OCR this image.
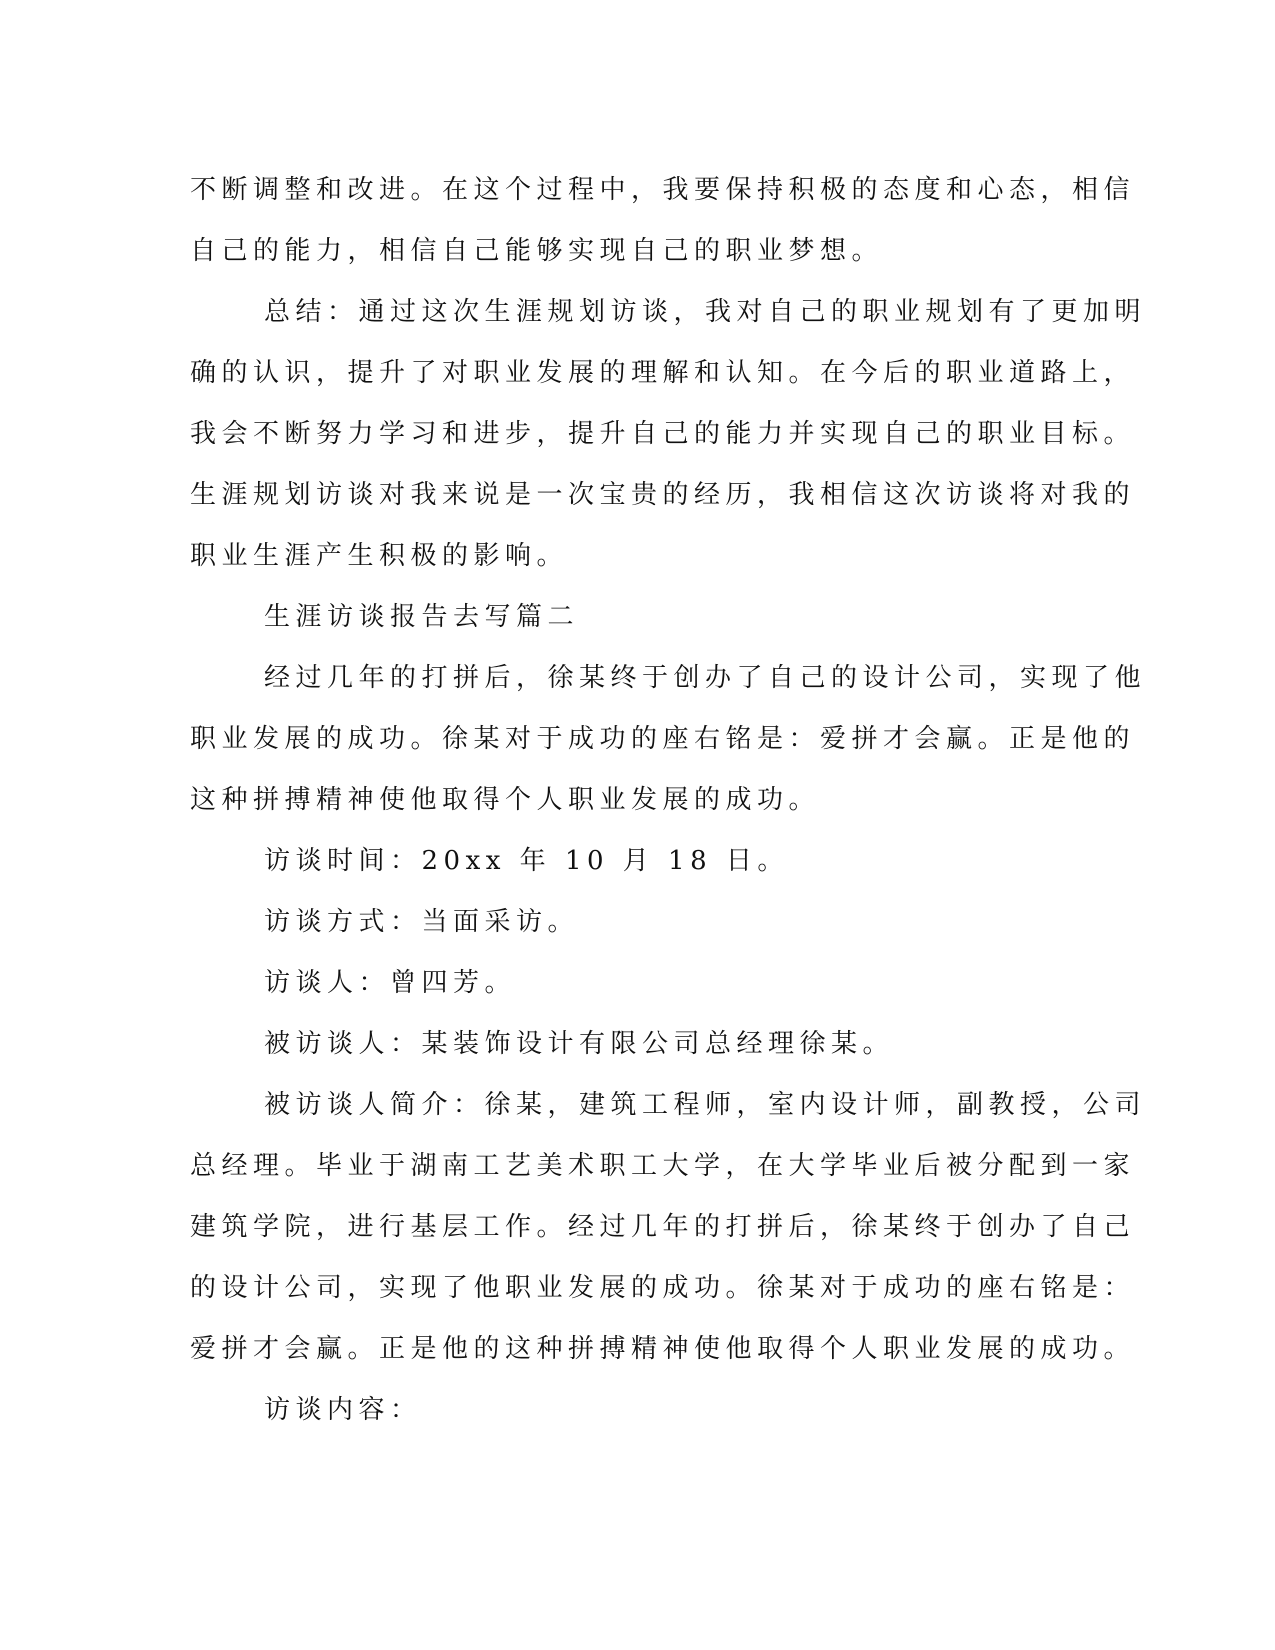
不断调整和改进。在这个过程中，我要保持积极的态度和心态，相信
自己的能力，相信自己能够实现自己的职业梦想。
总结：通过这次生涯规划访谈，我对自己的职业规划有了更加明
确的认识，提升了对职业发展的理解和认知。在今后的职业道路上，
我会不断努力学习和进步，提升自己的能力并实现自己的职业目标。
生涯规划访谈对我来说是一次宝贵的经历，我相信这次访谈将对我的
职业生涯产生积极的影响。
生涯访谈报告去写篇二
经过几年的打拼后，徐某终于创办了自己的设计公司，实现了他
职业发展的成功。徐某对于成功的座右铭是：爱拼才会赢。正是他的
这种拼搏精神使他取得个人职业发展的成功。
访谈时间：20xx 年 10 月 18 日。
访谈方式：当面采访。
访谈人：曾四芳。
被访谈人：某装饰设计有限公司总经理徐某。
被访谈人简介：徐某，建筑工程师，室内设计师，副教授，公司
总经理。毕业于湖南工艺美术职工大学，在大学毕业后被分配到一家
建筑学院，进行基层工作。经过几年的打拼后，徐某终于创办了自己
的设计公司，实现了他职业发展的成功。徐某对于成功的座右铭是：
爱拼才会赢。正是他的这种拼搏精神使他取得个人职业发展的成功。
访谈内容：
